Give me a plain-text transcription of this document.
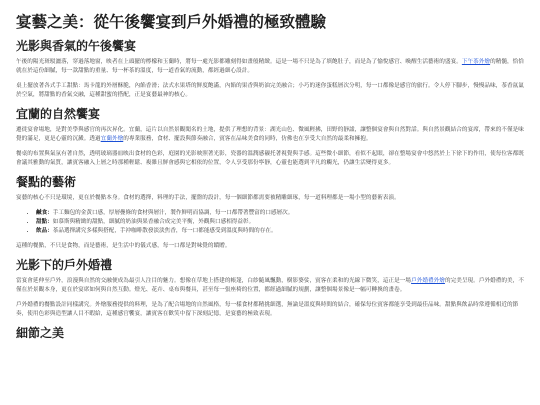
宴藝之美：從午後饗宴到戶外婚禮的極致體驗
光影與香氣的午後饗宴

午後的陽光斑駁灑落，穿過落地窗，映者在上頭擺的檸檬和玉蘭時，將每一處光影都雕刻得如畫般精緻。這是一場不只是為了填飽肚子，而是為了愉悅感官、喚醒生活藝術的盛宴。下午茶外燴的精髓，恰恰就在於這份細膩，每一款甜點的重量、每一杯茶的溫度，每一道香氣的流動，都經過細心設計。

桌上擺放著各式手工甜點：馬卡龍的外層酥脆，內餡香滑；法式水果塔的鮮度飽滿，內餡的果香與奶油完美融合；小巧的迷你蛋糕層次分明，每一口都像是感官的旅行。令人停下腳步，慢慢品味，茶香氤氳於空氣，將甜點的香氣交融，這種甜蜜的搭配，正是宴藝最神的核心。

宜蘭的自然饗宴

遷徙宴會場地，是對美學與感官的再次昇化。宜蘭，這片以自然景觀聞名的土地，提供了理想的背景：湖光山色、微風輕拂，田野的靜謐，讓整個宴會與自然對話。與自然景觀結合的宴席，帶來的不僅是味覺的滿足，更是心靈的沉澱。透過宜蘭外燴的專業服務，食材、擺設與節奏融合，賓客在品味美食的同時，仿佛也在享受大自然的最柔和擁抱。

餐桌的布置與氣氛有著自然，透明玻璃器皿映出食材的色彩，庭園的光影映照著光影，瓷器的溫潤感襯托著視覺與手感。這些微小細節，看似不起眼，卻在整場宴會中悠然於上下徐下的作用，使每位客都既會議其雅動的氣質，讓賓客融入上層之時那種輕鬆、複雜且鮮會感與它相依的位置，令人享受那份寧靜，心靈也能選到平凡的觸光，仍讓生活變得更多。

餐點的藝術

宴藝的核心不只是環境，更在於餐點本身。食材的選擇，料理的手法，擺盤的設計，每一個細節都需要被精雕細琢，每一道料理都是一場小型的藝術表演。

• 鹹食：手工麵包的金黃口感，厚層疊條的食材與層汁，製作鮮明而協調，每一口都帶著豐富的口感層次。
• 甜點：如慕斯與精緻的甜點，細膩的奶油與果香融合成完美平衡，外觀與口感相得益彰。
• 飲品：茶品選擇講究多樣與搭配，手沖咖啡散發淡淡焦香，每一口都能感受到溫度與時間的存在。

這種的餐點，不只是食物，而是藝術，是生活中的儀式感，每一口都是對味覺的饋贈。

光影下的戶外婚禮

當宴會延伸至戶外，浪漫與自然的交融便成為最引人注目的魅力。想像在草地上搭建的帳篷，白紗隨風飄動，樹影婆娑，賓客在柔和的光線下微笑，這正是一場戶外婚禮外燴的完美呈現。戶外婚禮的美，不僅在於景觀本身，更在於宴席如何與自然互動。燈光、花卉、桌布與餐具，甚至每一張座椅的位置，都經過細膩的規劃，讓整個場景像是一幅可轉換的畫卷。

戶外婚禮的餐點設計同樣講究。外燴服務提供的料理，是為了配合場地的自然風格，每一樣食材都精挑細選，無論是溫度與時間的結合，確保每位賓客都能享受到最佳品味。甜點與飲品時常遵循相近的節奏，使用色彩與造型讓人目不暇給，這種感官饗宴，讓賓客在歡笑中留下深刻記憶，是宴藝的極致表現。

細節之美
